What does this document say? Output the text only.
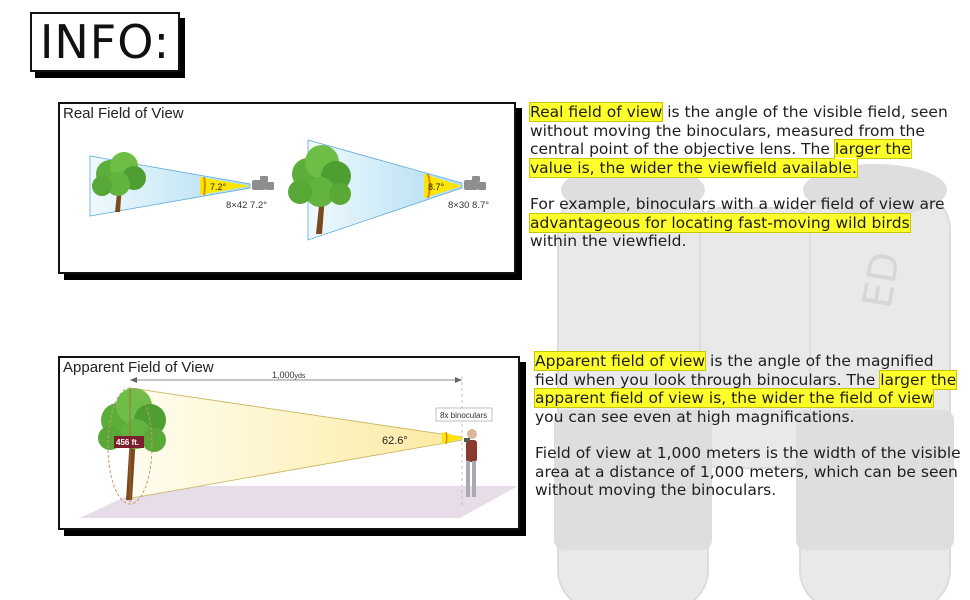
ED
INFO:
7.2°
8×42 7.2°
8.7°
8×30 8.7°
Real Field of View
1,000yds
456 ft.	62.6°
8x binoculars
Apparent Field of View

Real field of view is the angle of the visible field, seen without moving the binoculars, measured from the central point of the objective lens. The larger the value is, the wider the viewfield available.

For example, binoculars with a wider field of view are advantageous for locating fast-moving wild birds within the viewfield.

Apparent field of view is the angle of the magnified field when you look through binoculars. The larger the apparent field of view is, the wider the field of view you can see even at high magnifications.

Field of view at 1,000 meters is the width of the visible area at a distance of 1,000 meters, which can be seen without moving the binoculars.
